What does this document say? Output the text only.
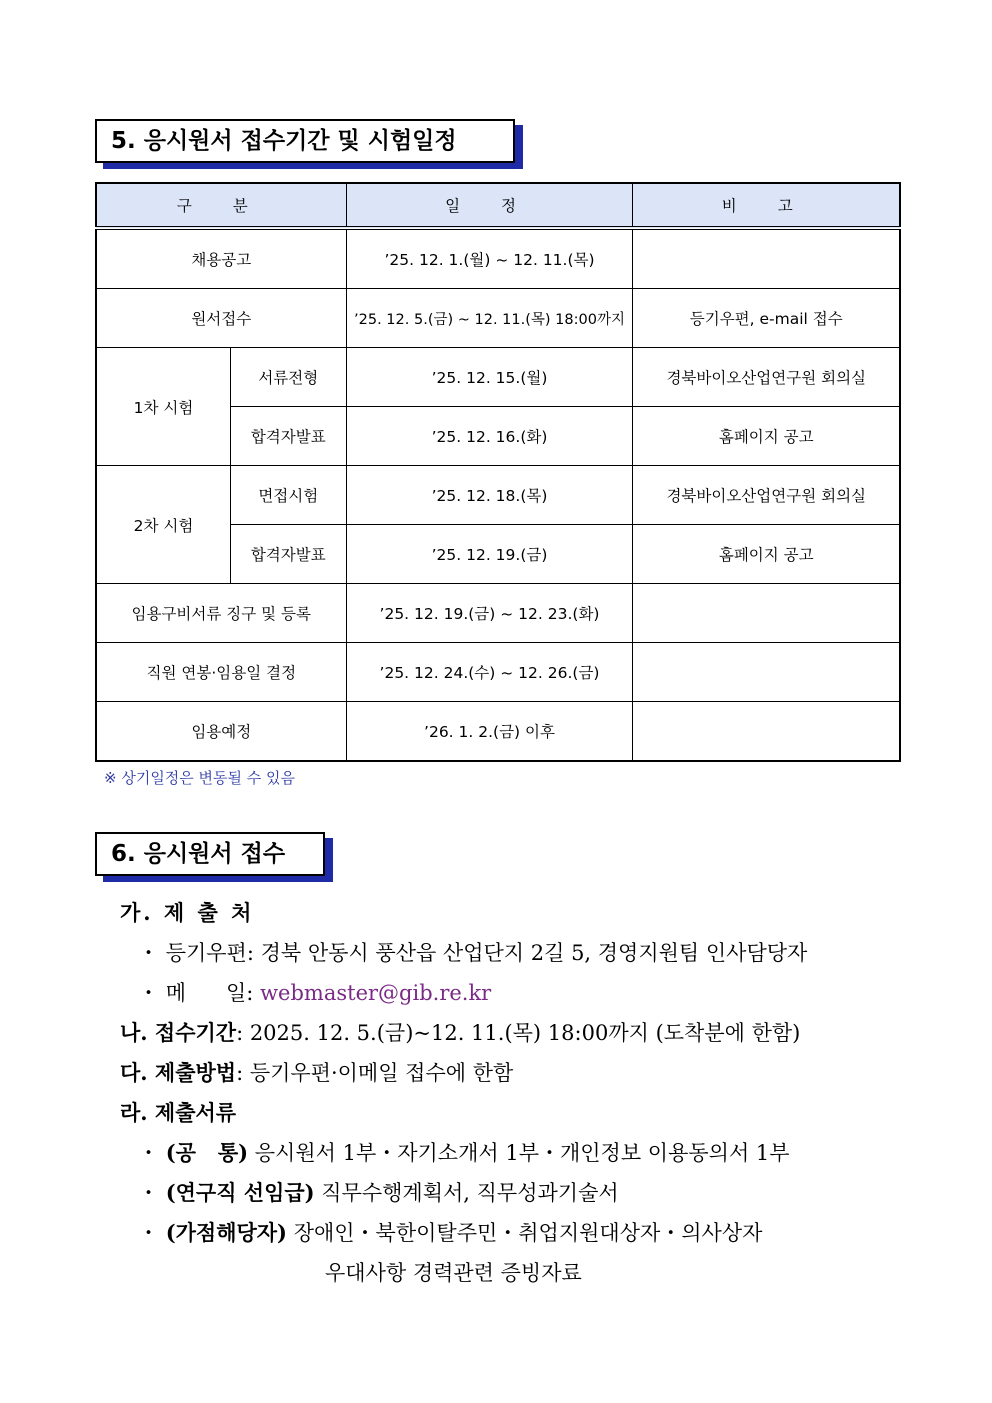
5. 응시원서 접수기간 및 시험일정
구 분		일 정	비 고
채용공고		’25. 12. 1.(월) ~ 12. 11.(목)	
원서접수		’25. 12. 5.(금) ~ 12. 11.(목) 18:00까지	등기우편, e-mail 접수
1차 시험	서류전형	’25. 12. 15.(월)	경북바이오산업연구원 회의실
	합격자발표	’25. 12. 16.(화)	홈페이지 공고
2차 시험	면접시험	’25. 12. 18.(목)	경북바이오산업연구원 회의실
	합격자발표	’25. 12. 19.(금)	홈페이지 공고
임용구비서류 징구 및 등록		’25. 12. 19.(금) ~ 12. 23.(화)	
직원 연봉·임용일 결정		’25. 12. 24.(수) ~ 12. 26.(금)	
임용예정		’26. 1. 2.(금) 이후	
※ 상기일정은 변동될 수 있음
6. 응시원서 접수
가. 제 출 처
・ 등기우편: 경북 안동시 풍산읍 산업단지 2길 5, 경영지원팀 인사담당자
・ 메      일: webmaster@gib.re.kr
나. 접수기간: 2025. 12. 5.(금)~12. 11.(목) 18:00까지 (도착분에 한함)
다. 제출방법: 등기우편·이메일 접수에 한함
라. 제출서류
・ (공   통) 응시원서 1부・자기소개서 1부・개인정보 이용동의서 1부
・ (연구직 선임급) 직무수행계획서, 직무성과기술서
・ (가점해당자) 장애인・북한이탈주민・취업지원대상자・의사상자
우대사항 경력관련 증빙자료
